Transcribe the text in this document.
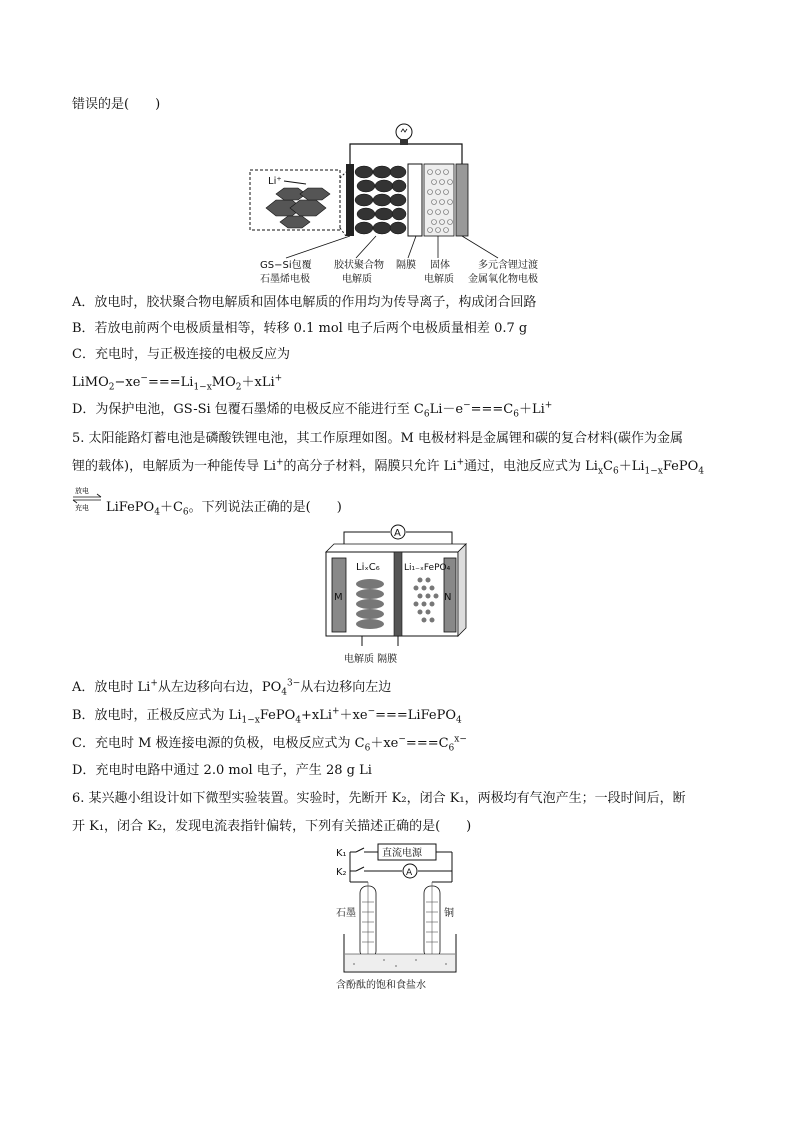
错误的是(　　)
Li⁺
GS−Si包覆
石墨烯电极
胶状聚合物
电解质
隔膜 固体
电解质
多元含锂过渡
金属氧化物电极
A．放电时，胶状聚合物电解质和固体电解质的作用均为传导离子，构成闭合回路
B．若放电前两个电极质量相等，转移 0.1 mol 电子后两个电极质量相差 0.7 g
C．充电时，与正极连接的电极反应为
$LiMO_2-xe^-===Li_{1-x}MO_2+xLi^+$
D．为保护电池，GS-Si 包覆石墨烯的电极反应不能进行至 $C_6Li-e^-===C_6+Li^+$
5. 太阳能路灯蓄电池是磷酸铁锂电池，其工作原理如图。M 电极材料是金属锂和碳的复合材料(碳作为金属
锂的载体)，电解质为一种能传导 Li+的高分子材料，隔膜只允许 Li+通过，电池反应式为 $Li_xC_6+Li_{1-x}FePO_4$
放电
充电 $LiFePO_4+C_6$。下列说法正确的是(　　)
A
M	N
LiₓC₆	Li₁₋ₓFePO₄
电解质 隔膜
A．放电时 Li+从左边移向右边，$PO_4^{3-}$从右边移向左边
B．放电时，正极反应式为 $Li_{1-x}FePO_4+xLi^++xe^-===LiFePO_4$
C．充电时 M 极连接电源的负极，电极反应式为 $C_6+xe^-===C_6^{x-}$
D．充电时电路中通过 2.0 mol 电子，产生 28 g Li
6. 某兴趣小组设计如下微型实验装置。实验时，先断开 K₂，闭合 K₁，两极均有气泡产生；一段时间后，断
开 K₁，闭合 K₂，发现电流表指针偏转，下列有关描述正确的是(　　)
K₁
K₂
直流电源
A
石墨	铜
含酚酞的饱和食盐水
